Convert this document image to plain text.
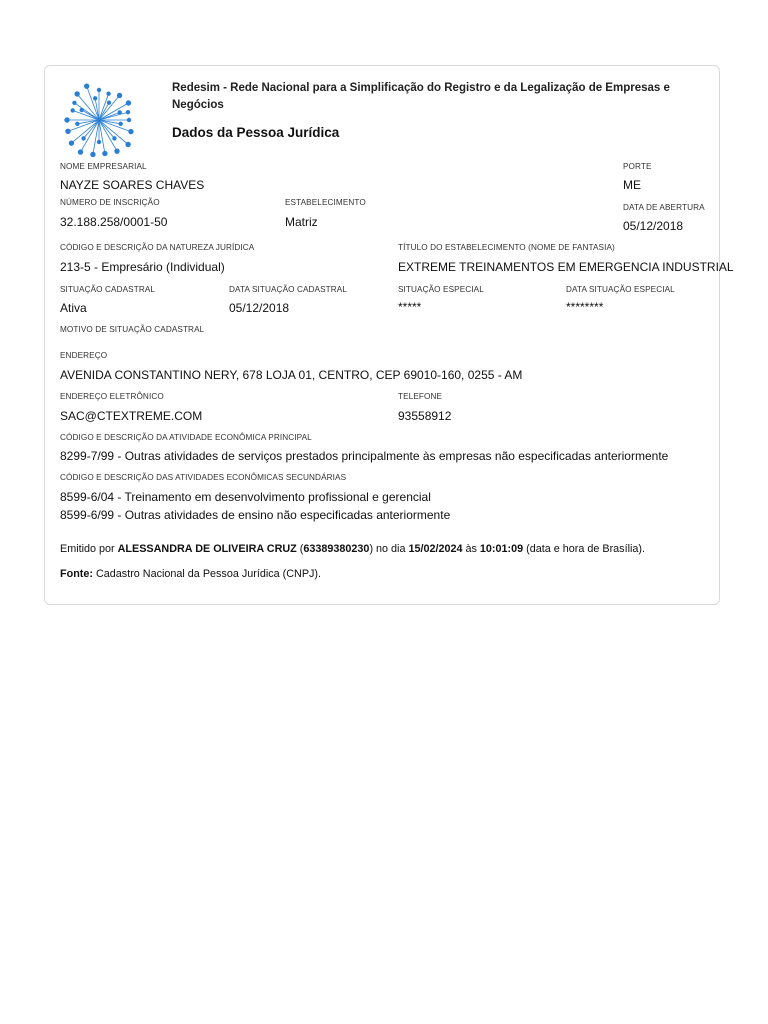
Redesim - Rede Nacional para a Simplificação do Registro e da Legalização de Empresas e Negócios
Dados da Pessoa Jurídica
NOME EMPRESARIAL
NAYZE SOARES CHAVES
PORTE
ME
NÚMERO DE INSCRIÇÃO
32.188.258/0001-50
ESTABELECIMENTO
Matriz
DATA DE ABERTURA
05/12/2018
CÓDIGO E DESCRIÇÃO DA NATUREZA JURÍDICA
213-5 - Empresário (Individual)
TÍTULO DO ESTABELECIMENTO (NOME DE FANTASIA)
EXTREME TREINAMENTOS EM EMERGENCIA INDUSTRIAL
SITUAÇÃO CADASTRAL
Ativa
DATA SITUAÇÃO CADASTRAL
05/12/2018
SITUAÇÃO ESPECIAL
*****
DATA SITUAÇÃO ESPECIAL
********
MOTIVO DE SITUAÇÃO CADASTRAL
ENDEREÇO
AVENIDA CONSTANTINO NERY, 678 LOJA 01, CENTRO, CEP 69010-160, 0255 - AM
ENDEREÇO ELETRÔNICO
SAC@CTEXTREME.COM
TELEFONE
93558912
CÓDIGO E DESCRIÇÃO DA ATIVIDADE ECONÔMICA PRINCIPAL
8299-7/99 - Outras atividades de serviços prestados principalmente às empresas não especificadas anteriormente
CÓDIGO E DESCRIÇÃO DAS ATIVIDADES ECONÔMICAS SECUNDÁRIAS
8599-6/04 - Treinamento em desenvolvimento profissional e gerencial
8599-6/99 - Outras atividades de ensino não especificadas anteriormente
Emitido por ALESSANDRA DE OLIVEIRA CRUZ (63389380230) no dia 15/02/2024 às 10:01:09 (data e hora de Brasília).
Fonte: Cadastro Nacional da Pessoa Jurídica (CNPJ).
